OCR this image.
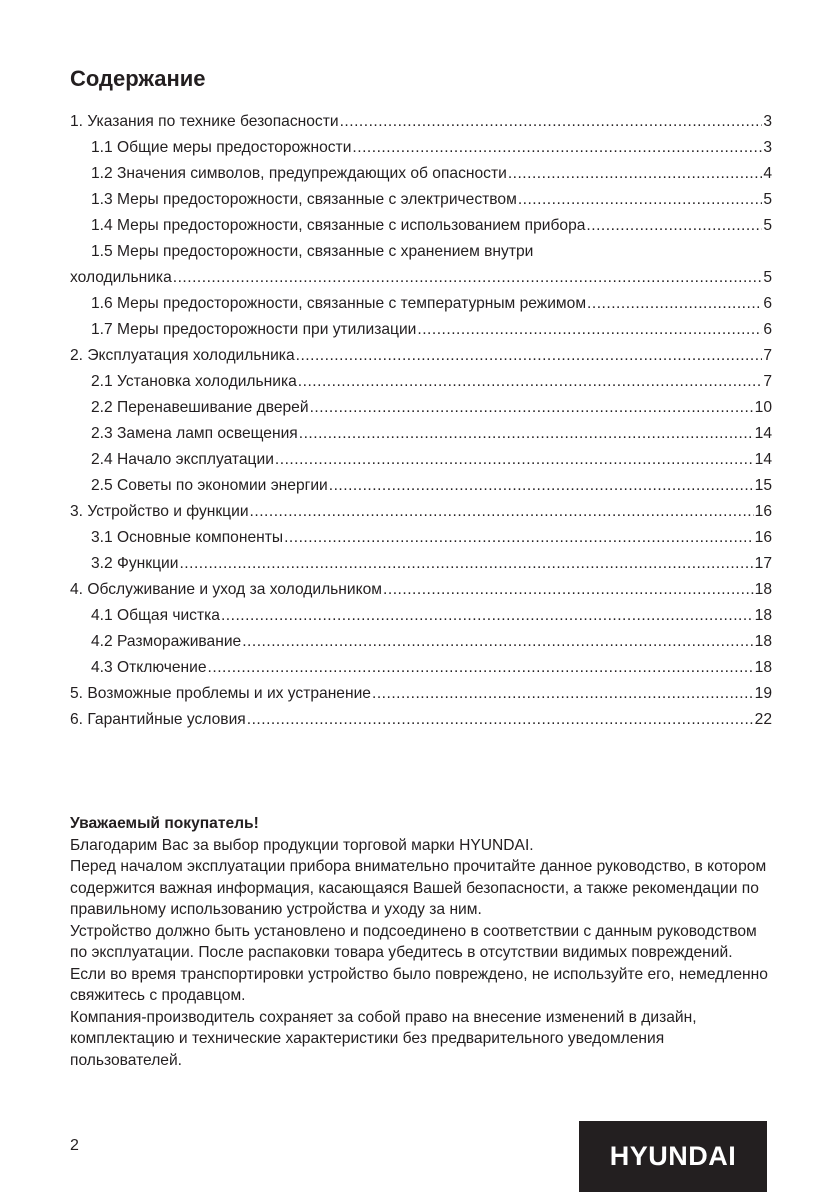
Содержание
1. Указания по технике безопасности .....	3
1.1 Общие меры предосторожности .....	3
1.2 Значения символов, предупреждающих об опасности .....	4
1.3 Меры предосторожности, связанные с электричеством .....	5
1.4 Меры предосторожности, связанные с использованием прибора .....	5
1.5 Меры предосторожности, связанные с хранением внутри
холодильника .....	5
1.6 Меры предосторожности, связанные с температурным режимом .....	6
1.7 Меры предосторожности при утилизации .....	6
2. Эксплуатация холодильника .....	7
2.1 Установка холодильника .....	7
2.2 Перенавешивание дверей .....	10
2.3 Замена ламп освещения .....	14
2.4 Начало эксплуатации .....	14
2.5 Советы по экономии энергии .....	15
3. Устройство и функции .....	16
3.1 Основные компоненты .....	16
3.2 Функции .....	17
4. Обслуживание и уход за холодильником .....	18
4.1 Общая чистка .....	18
4.2 Размораживание .....	18
4.3 Отключение .....	18
5. Возможные проблемы и их устранение .....	19
6. Гарантийные условия .....	22
Уважаемый покупатель!

Благодарим Вас за выбор продукции торговой марки HYUNDAI.

Перед началом эксплуатации прибора внимательно прочитайте данное руководство, в котором содержится важная информация, касающаяся Вашей безопасности, а также рекомендации по правильному использованию устройства и уходу за ним.

Устройство должно быть установлено и подсоединено в соответствии с данным руководством по эксплуатации. После распаковки товара убедитесь в отсутствии видимых повреждений. Если во время транспортировки устройство было повреждено, не используйте его, немедленно свяжитесь с продавцом.

Компания-производитель сохраняет за собой право на внесение изменений в дизайн, комплектацию и технические характеристики без предварительного уведомления пользователей.

2	HYUNDAI
